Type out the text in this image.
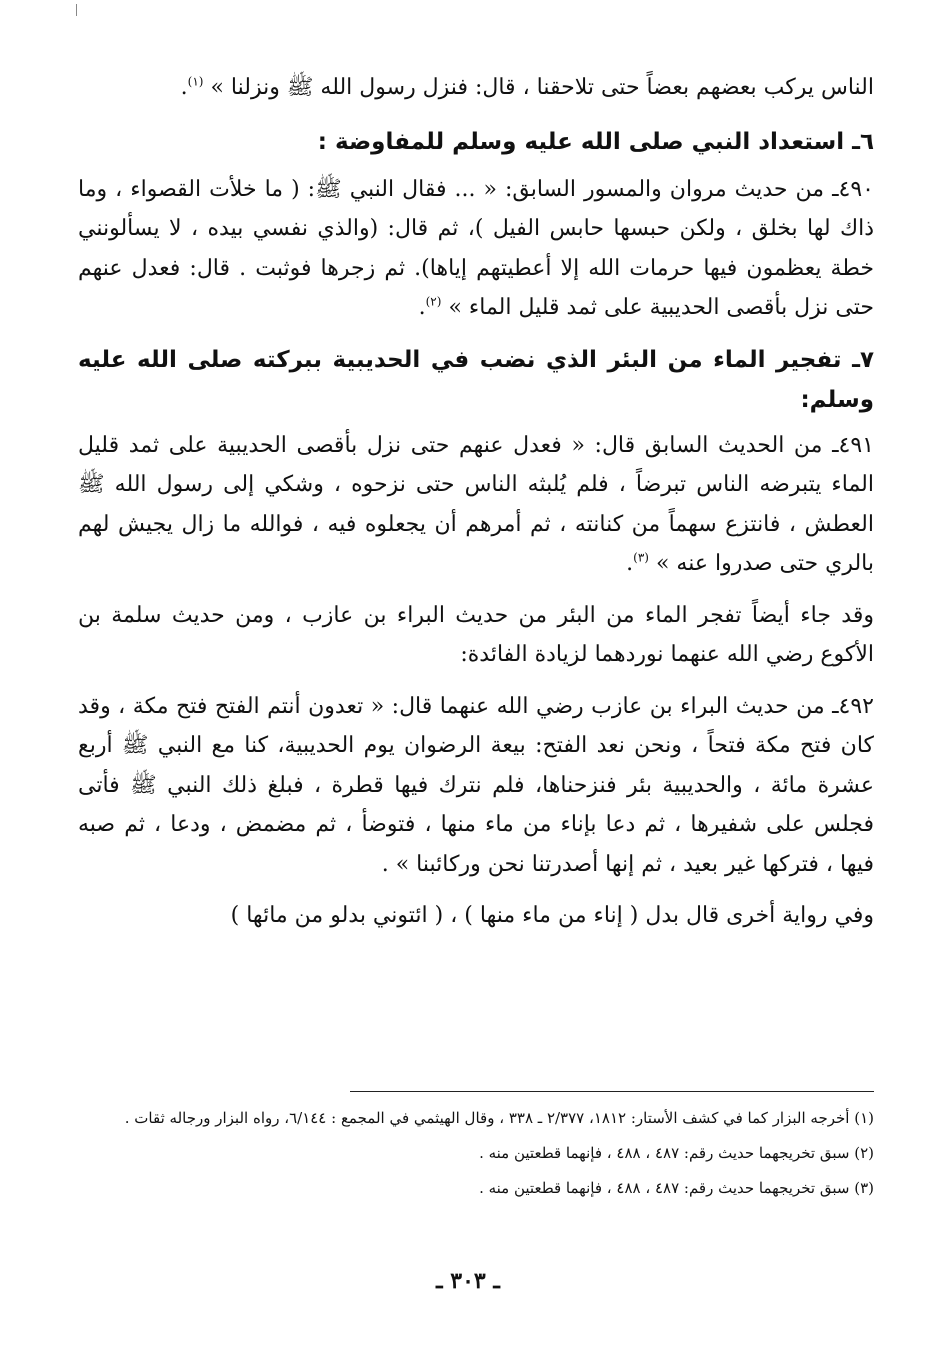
الناس يركب بعضهم بعضاً حتى تلاحقنا ، قال: فنزل رسول الله ﷺ ونزلنا » $^{(١)}$.

٦ـ استعداد النبي صلى الله عليه وسلم للمفاوضة :

٤٩٠ـ من حديث مروان والمسور السابق: « ... فقال النبي ﷺ: ( ما خلأت القصواء ، وما ذاك لها بخلق ، ولكن حبسها حابس الفيل )، ثم قال: (والذي نفسي بيده ، لا يسألونني خطة يعظمون فيها حرمات الله إلا أعطيتهم إياها). ثم زجرها فوثبت . قال: فعدل عنهم حتى نزل بأقصى الحديبية على ثمد قليل الماء » $^{(٢)}$.

٧ـ تفجير الماء من البئر الذي نضب في الحديبية ببركته صلى الله عليه وسلم:

٤٩١ـ من الحديث السابق قال: « فعدل عنهم حتى نزل بأقصى الحديبية على ثمد قليل الماء يتبرضه الناس تبرضاً ، فلم يُلبثه الناس حتى نزحوه ، وشكي إلى رسول الله ﷺ العطش ، فانتزع سهماً من كنانته ، ثم أمرهم أن يجعلوه فيه ، فوالله ما زال يجيش لهم بالري حتى صدروا عنه » $^{(٣)}$.

وقد جاء أيضاً تفجر الماء من البئر من حديث البراء بن عازب ، ومن حديث سلمة بن الأكوع رضي الله عنهما نوردهما لزيادة الفائدة:

٤٩٢ـ من حديث البراء بن عازب رضي الله عنهما قال: « تعدون أنتم الفتح فتح مكة ، وقد كان فتح مكة فتحاً ، ونحن نعد الفتح: بيعة الرضوان يوم الحديبية، كنا مع النبي ﷺ أربع عشرة مائة ، والحديبية بئر فنزحناها، فلم نترك فيها قطرة ، فبلغ ذلك النبي ﷺ فأتى فجلس على شفيرها ، ثم دعا بإناء من ماء منها ، فتوضأ ، ثم مضمض ، ودعا ، ثم صبه فيها ، فتركها غير بعيد ، ثم إنها أصدرتنا نحن وركائبنا » .

وفي رواية أخرى قال بدل ( إناء من ماء منها ) ، ( ائتوني بدلو من مائها )

(١) أخرجه البزار كما في كشف الأستار: ١٨١٢، ٢/٣٧٧ ـ ٣٣٨ ، وقال الهيثمي في المجمع : ٦/١٤٤، رواه البزار ورجاله ثقات .

(٢) سبق تخريجهما حديث رقم: ٤٨٧ ، ٤٨٨ ، فإنهما قطعتين منه .

(٣) سبق تخريجهما حديث رقم: ٤٨٧ ، ٤٨٨ ، فإنهما قطعتين منه .

ـ ٣٠٣ ـ
